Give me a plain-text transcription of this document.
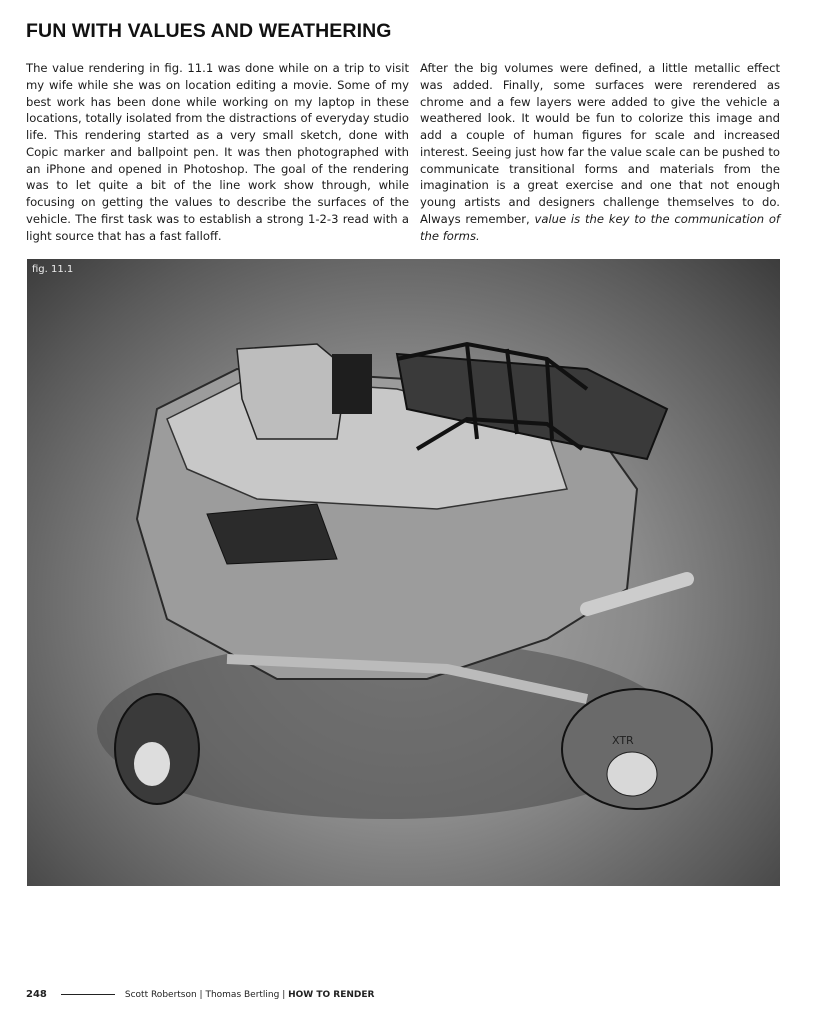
FUN WITH VALUES AND WEATHERING
The value rendering in fig. 11.1 was done while on a trip to visit my wife while she was on location editing a movie. Some of my best work has been done while working on my laptop in these locations, totally isolated from the distractions of everyday studio life. This rendering started as a very small sketch, done with Copic marker and ballpoint pen. It was then photographed with an iPhone and opened in Photoshop. The goal of the rendering was to let quite a bit of the line work show through, while focusing on getting the values to describe the surfaces of the vehicle. The first task was to establish a strong 1-2-3 read with a light source that has a fast falloff.
After the big volumes were defined, a little metallic effect was added. Finally, some surfaces were rerendered as chrome and a few layers were added to give the vehicle a weathered look. It would be fun to colorize this image and add a couple of human figures for scale and increased interest. Seeing just how far the value scale can be pushed to communicate transitional forms and materials from the imagination is a great exercise and one that not enough young artists and designers challenge themselves to do. Always remember, value is the key to the communication of the forms.
XTR
fig. 11.1
248	Scott Robertson | Thomas Bertling | HOW TO RENDER
